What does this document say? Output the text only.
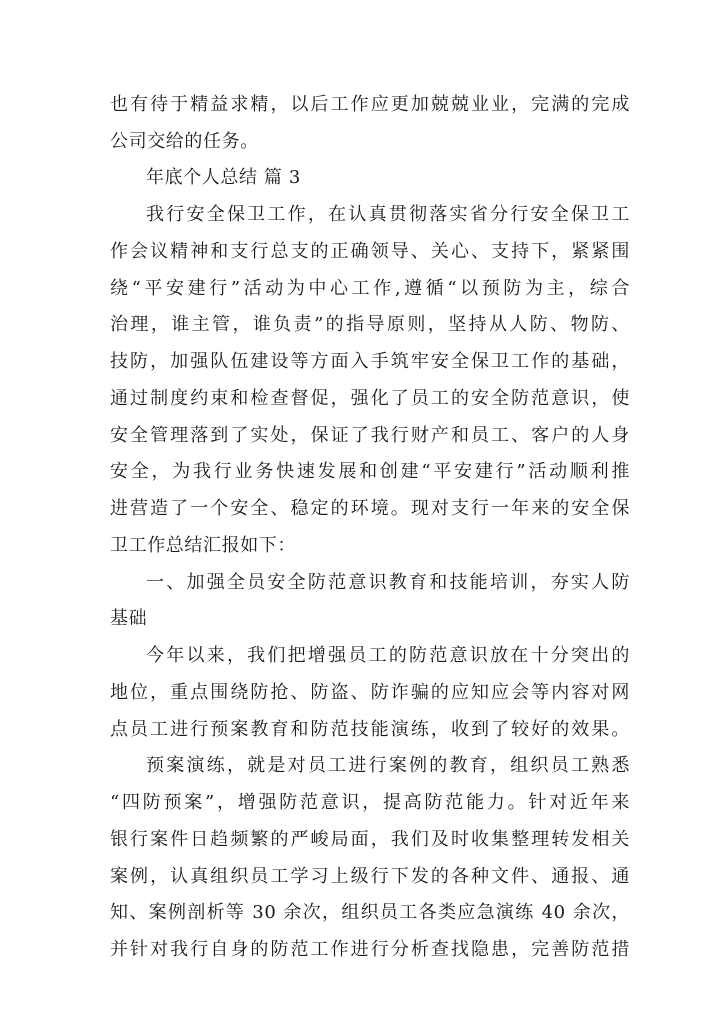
也有待于精益求精，以后工作应更加兢兢业业，完满的完成
公司交给的任务。
年底个人总结 篇 3
我行安全保卫工作，在认真贯彻落实省分行安全保卫工
作会议精神和支行总支的正确领导、关心、支持下，紧紧围
绕“平安建行”活动为中心工作,遵循“以预防为主，综合
治理，谁主管，谁负责”的指导原则，坚持从人防、物防、
技防，加强队伍建设等方面入手筑牢安全保卫工作的基础，
通过制度约束和检查督促，强化了员工的安全防范意识，使
安全管理落到了实处，保证了我行财产和员工、客户的人身
安全，为我行业务快速发展和创建“平安建行”活动顺利推
进营造了一个安全、稳定的环境。现对支行一年来的安全保
卫工作总结汇报如下：
一、加强全员安全防范意识教育和技能培训，夯实人防
基础
今年以来，我们把增强员工的防范意识放在十分突出的
地位，重点围绕防抢、防盗、防诈骗的应知应会等内容对网
点员工进行预案教育和防范技能演练，收到了较好的效果。
预案演练，就是对员工进行案例的教育，组织员工熟悉
“四防预案”，增强防范意识，提高防范能力。针对近年来
银行案件日趋频繁的严峻局面，我们及时收集整理转发相关
案例，认真组织员工学习上级行下发的各种文件、通报、通
知、案例剖析等 30 余次，组织员工各类应急演练 40 余次，
并针对我行自身的防范工作进行分析查找隐患，完善防范措
